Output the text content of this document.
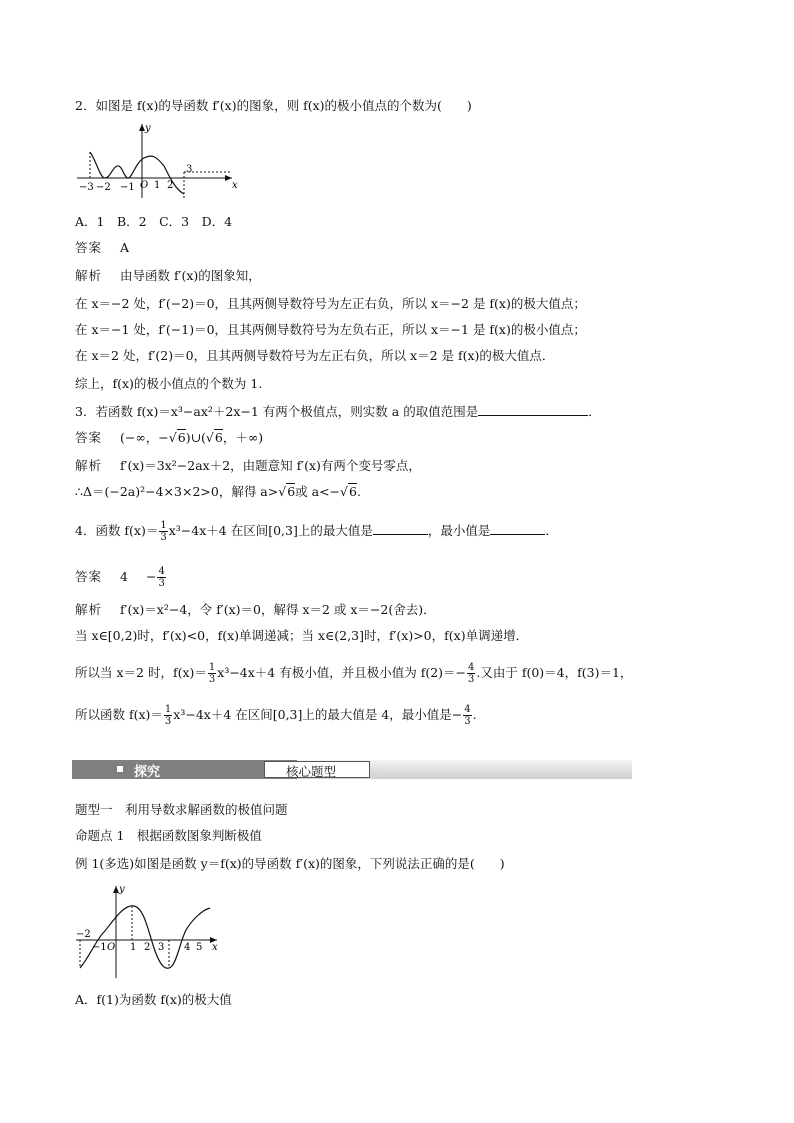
2．如图是 f(x)的导函数 f′(x)的图象，则 f(x)的极小值点的个数为(　　)
y
x
−3 −2 −1 O 1 2
3
A．1　B．2　C．3　D．4
答案 A
解析 由导函数 f′(x)的图象知，
在 x＝−2 处，f′(−2)＝0，且其两侧导数符号为左正右负，所以 x＝−2 是 f(x)的极大值点；
在 x＝−1 处，f′(−1)＝0，且其两侧导数符号为左负右正，所以 x＝−1 是 f(x)的极小值点；
在 x＝2 处，f′(2)＝0，且其两侧导数符号为左正右负，所以 x＝2 是 f(x)的极大值点．
综上，f(x)的极小值点的个数为 1.
3．若函数 f(x)＝x³−ax²＋2x−1 有两个极值点，则实数 a 的取值范围是	．
答案 (−∞，−√6)∪(√6，＋∞)
解析 f′(x)＝3x²−2ax＋2，由题意知 f′(x)有两个变号零点，
∴Δ＝(−2a)²−4×3×2>0，解得 a>√6或 a<−√6.
4．函数 $f(x)= \frac{1}{3} x^3-4x+4$ 在区间[0,3]上的最大值是	，最小值是	．
答案 $4 - \frac{4}{3}$
解析 f′(x)＝x²−4，令 f′(x)＝0，解得 x＝2 或 x＝−2(舍去)．
当 x∈[0,2)时，f′(x)<0，f(x)单调递减；当 x∈(2,3]时，f′(x)>0，f(x)单调递增．
所以当 x＝2 时，$f(x)= \frac{1}{3} x^3-4x+4$ 有极小值，并且极小值为 $f(2)=- \frac{4}{3}$ .又由于 f(0)＝4，f(3)＝1，
所以函数 $f(x)= \frac{1}{3} x^3-4x+4$ 在区间[0,3]上的最大值是 4，最小值是− $\frac{4}{3}$ .
探究	核心题型
题型一　利用导数求解函数的极值问题
命题点 1　根据函数图象判断极值
例 1(多选)如图是函数 y＝f(x)的导函数 f′(x)的图象，下列说法正确的是(　　)
y
x
−2
−1 O 1 2 3 4 5
A．f(1)为函数 f(x)的极大值
